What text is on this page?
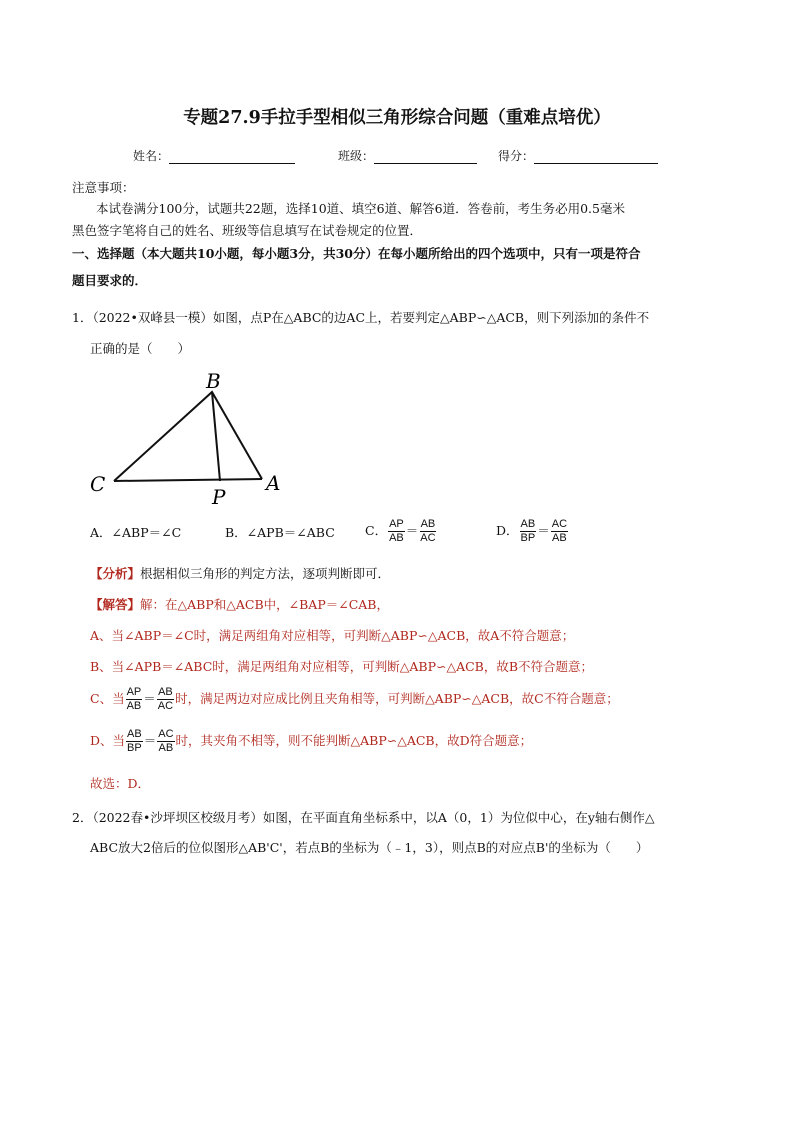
专题27.9手拉手型相似三角形综合问题（重难点培优）
姓名：	班级：	得分：
注意事项：
本试卷满分100分，试题共22题，选择10道、填空6道、解答6道．答卷前，考生务必用0.5毫米
黑色签字笔将自己的姓名、班级等信息填写在试卷规定的位置．
一、选择题（本大题共10小题，每小题3分，共30分）在每小题所给出的四个选项中，只有一项是符合
题目要求的．
1．（2022•双峰县一模）如图，点P在△ABC的边AC上，若要判定△ABP∽△ACB，则下列添加的条件不
正确的是（　　）
B
C
P
A
A．∠ABP＝∠C	B．∠APB＝∠ABC C． $\frac{AP}{AB} = \frac{AB}{AC}$	D． $\frac{AB}{BP} = \frac{AC}{AB}$
【分析】根据相似三角形的判定方法，逐项判断即可．
【解答】解：在△ABP和△ACB中，∠BAP＝∠CAB，
A、当∠ABP＝∠C时，满足两组角对应相等，可判断△ABP∽△ACB，故A不符合题意；
B、当∠APB＝∠ABC时，满足两组角对应相等，可判断△ABP∽△ACB，故B不符合题意；
C、当 $\frac{AP}{AB} = \frac{AB}{AC}$ 时，满足两边对应成比例且夹角相等，可判断△ABP∽△ACB，故C不符合题意；
D、当 $\frac{AB}{BP} = \frac{AC}{AB}$ 时，其夹角不相等，则不能判断△ABP∽△ACB，故D符合题意；
故选：D．
2．（2022春•沙坪坝区校级月考）如图，在平面直角坐标系中，以A（0，1）为位似中心，在y轴右侧作△
ABC放大2倍后的位似图形△AB'C'，若点B的坐标为（﹣1，3），则点B的对应点B'的坐标为（　　）
